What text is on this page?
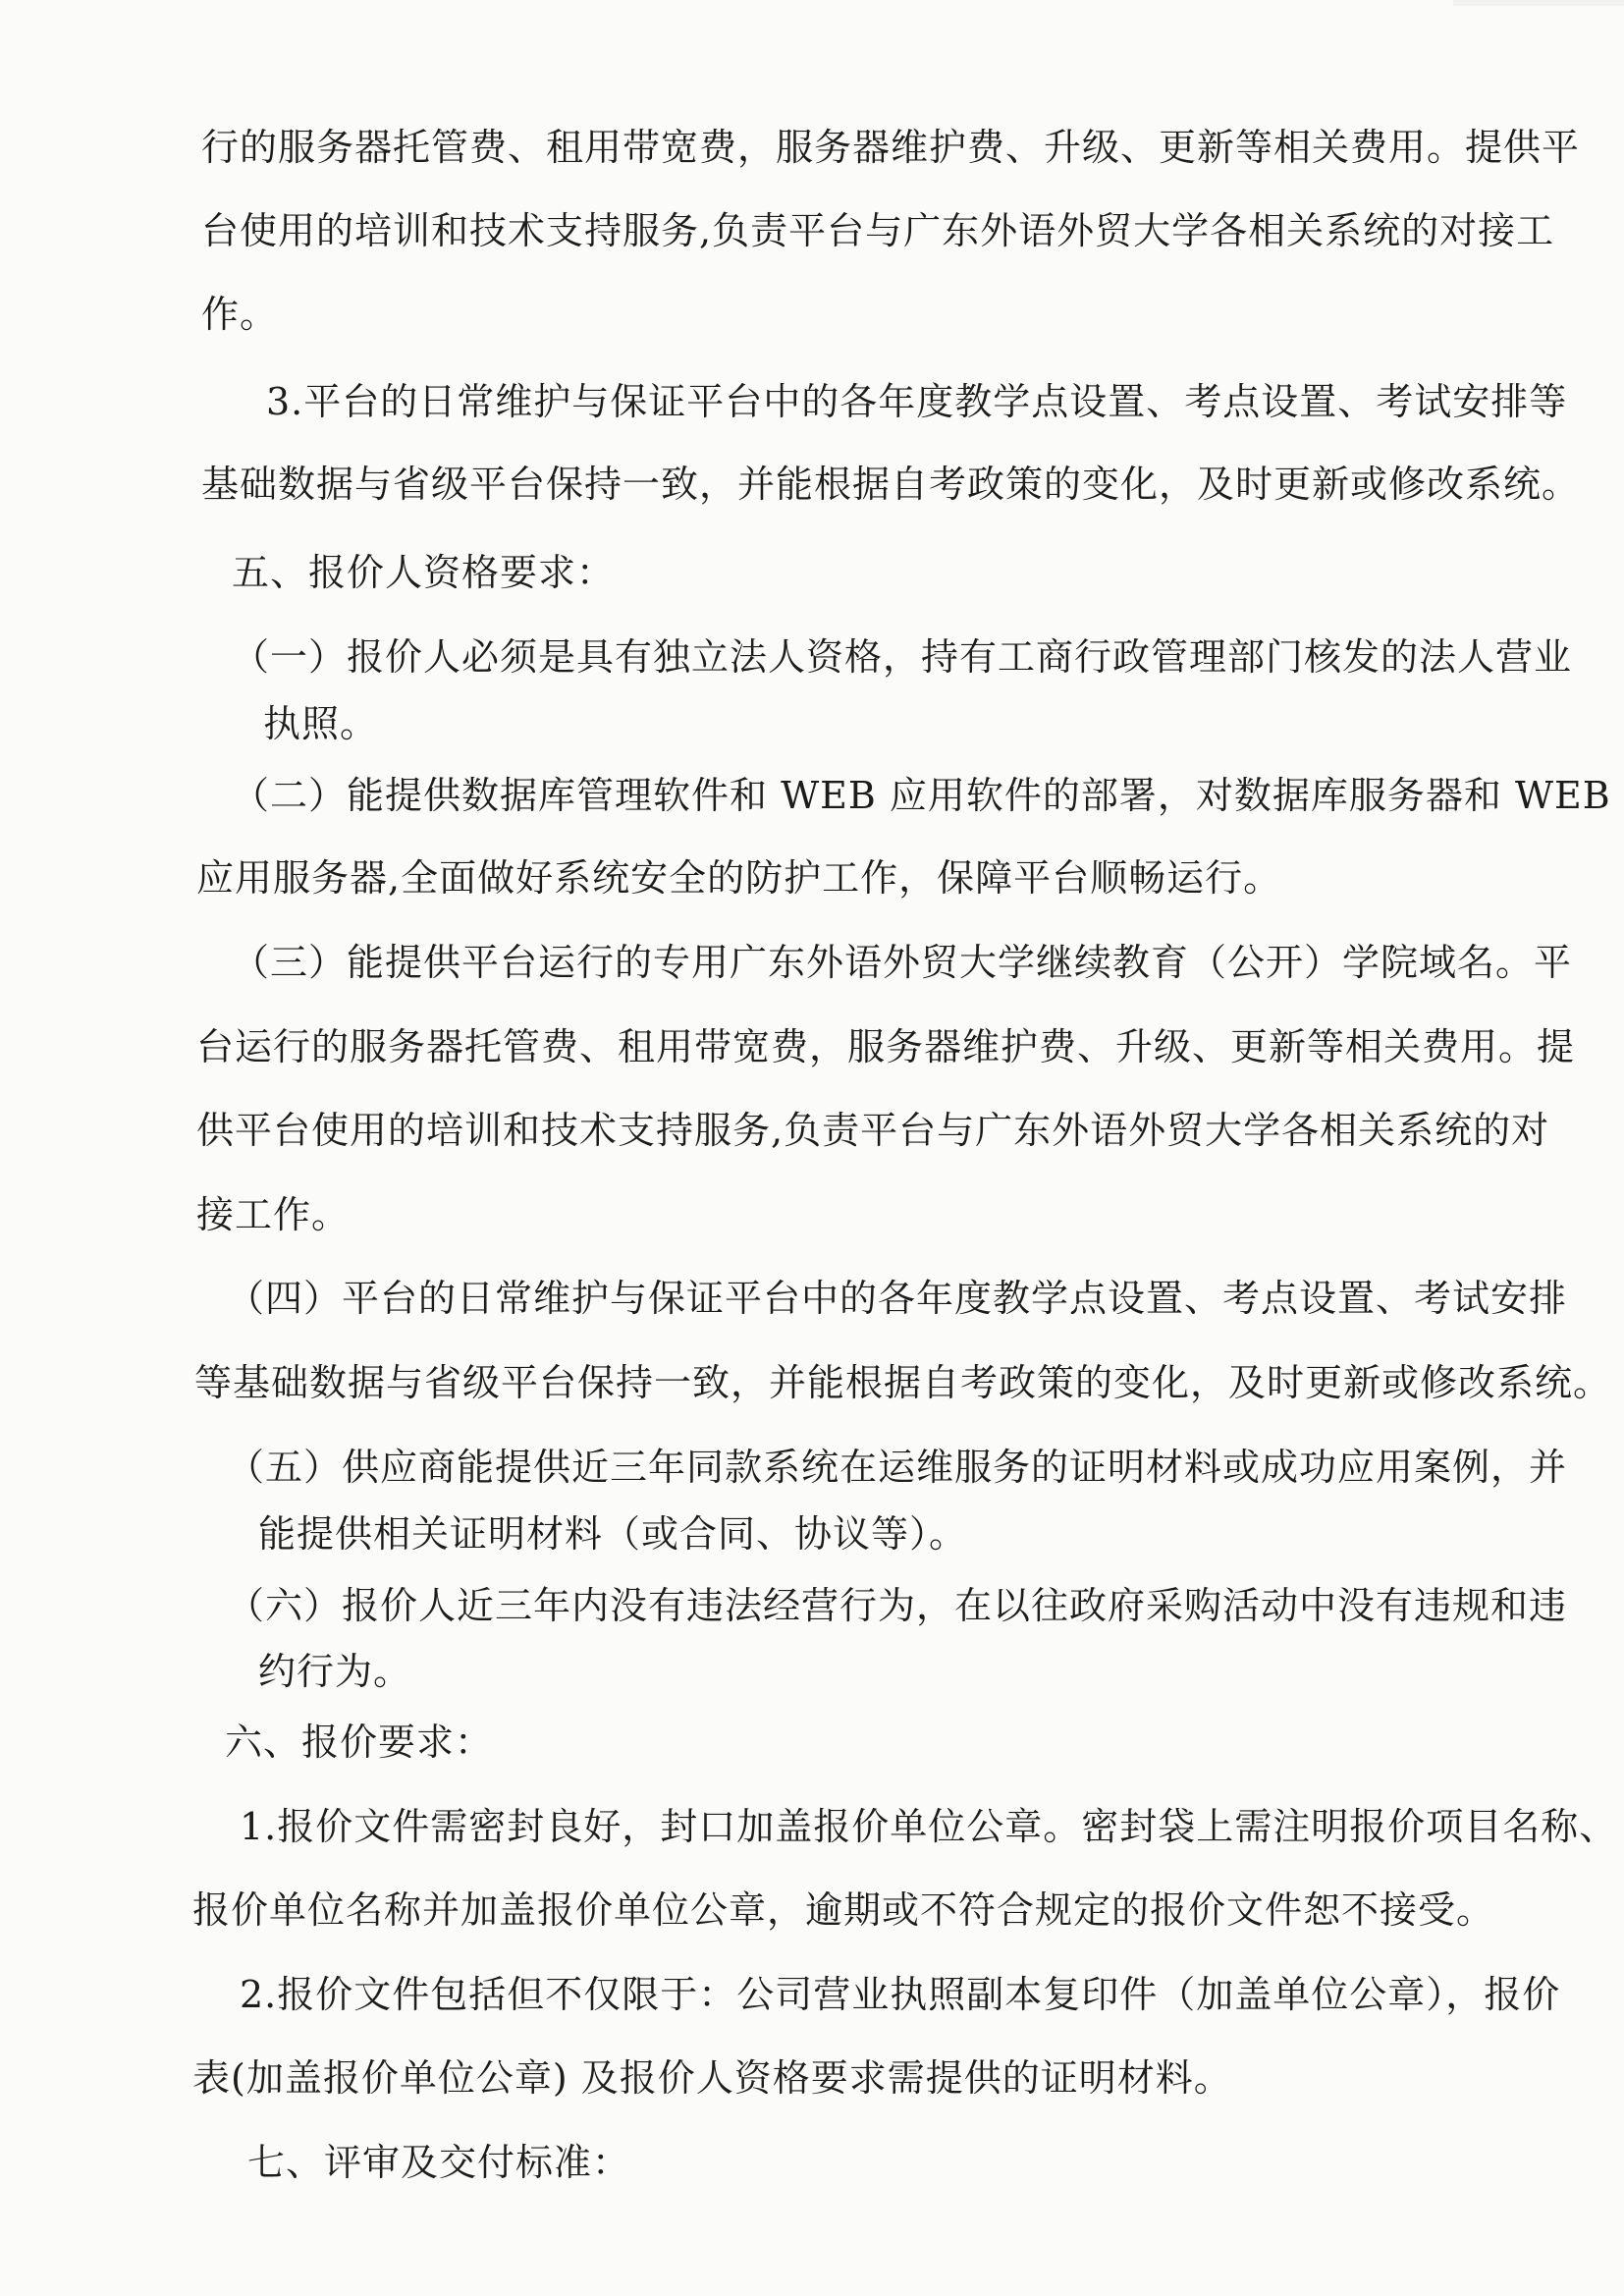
行的服务器托管费、租用带宽费，服务器维护费、升级、更新等相关费用。提供平
台使用的培训和技术支持服务,负责平台与广东外语外贸大学各相关系统的对接工
作。
3.平台的日常维护与保证平台中的各年度教学点设置、考点设置、考试安排等
基础数据与省级平台保持一致，并能根据自考政策的变化，及时更新或修改系统。
五、报价人资格要求：
（一）报价人必须是具有独立法人资格，持有工商行政管理部门核发的法人营业
执照。
（二）能提供数据库管理软件和 WEB 应用软件的部署，对数据库服务器和 WEB
应用服务器,全面做好系统安全的防护工作，保障平台顺畅运行。
（三）能提供平台运行的专用广东外语外贸大学继续教育（公开）学院域名。平
台运行的服务器托管费、租用带宽费，服务器维护费、升级、更新等相关费用。提
供平台使用的培训和技术支持服务,负责平台与广东外语外贸大学各相关系统的对
接工作。
（四）平台的日常维护与保证平台中的各年度教学点设置、考点设置、考试安排
等基础数据与省级平台保持一致，并能根据自考政策的变化，及时更新或修改系统。
（五）供应商能提供近三年同款系统在运维服务的证明材料或成功应用案例，并
能提供相关证明材料（或合同、协议等）。
（六）报价人近三年内没有违法经营行为，在以往政府采购活动中没有违规和违
约行为。
六、报价要求：
1.报价文件需密封良好，封口加盖报价单位公章。密封袋上需注明报价项目名称、
报价单位名称并加盖报价单位公章，逾期或不符合规定的报价文件恕不接受。
2.报价文件包括但不仅限于：公司营业执照副本复印件（加盖单位公章），报价
表(加盖报价单位公章) 及报价人资格要求需提供的证明材料。
七、评审及交付标准：
